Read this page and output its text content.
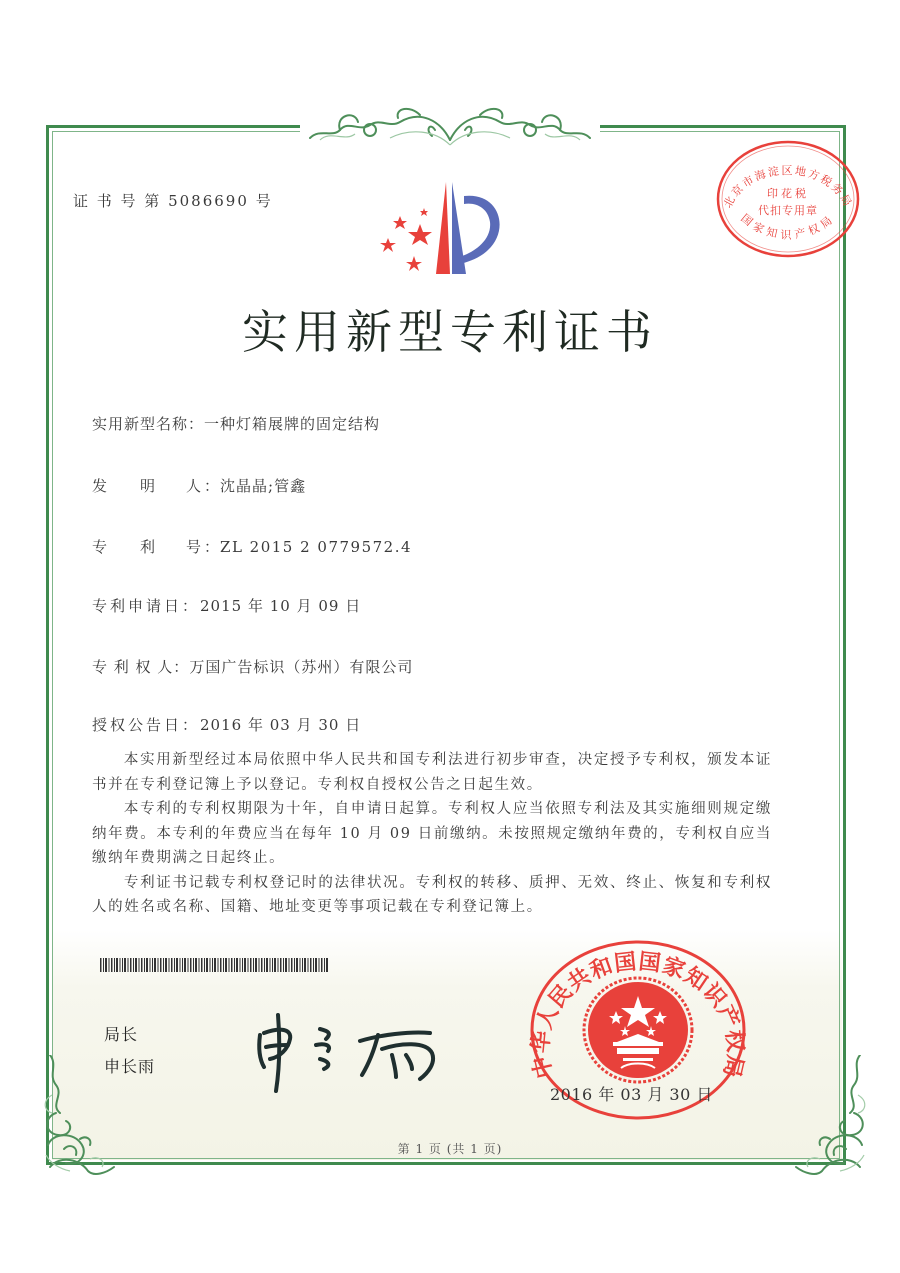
证 书 号 第 5086690 号	北京市海淀区地方税务局
国家知识产权局
印花税
代扣专用章
实用新型专利证书
实用新型名称：一种灯箱展牌的固定结构
发 明 人 ：沈晶晶;管鑫
专 利 号 ：ZL 2015 2 0779572.4
专利申请日：2015 年 10 月 09 日
专 利 权 人：万国广告标识（苏州）有限公司
授权公告日：2016 年 03 月 30 日

本实用新型经过本局依照中华人民共和国专利法进行初步审查，决定授予专利权，颁发本证书并在专利登记簿上予以登记。专利权自授权公告之日起生效。

本专利的专利权期限为十年，自申请日起算。专利权人应当依照专利法及其实施细则规定缴纳年费。本专利的年费应当在每年 10 月 09 日前缴纳。未按照规定缴纳年费的，专利权自应当缴纳年费期满之日起终止。

专利证书记载专利权登记时的法律状况。专利权的转移、质押、无效、终止、恢复和专利权人的姓名或名称、国籍、地址变更等事项记载在专利登记簿上。

局长
申长雨	中华人民共和国国家知识产权局
2016 年 03 月 30 日
第 1 页 (共 1 页)
